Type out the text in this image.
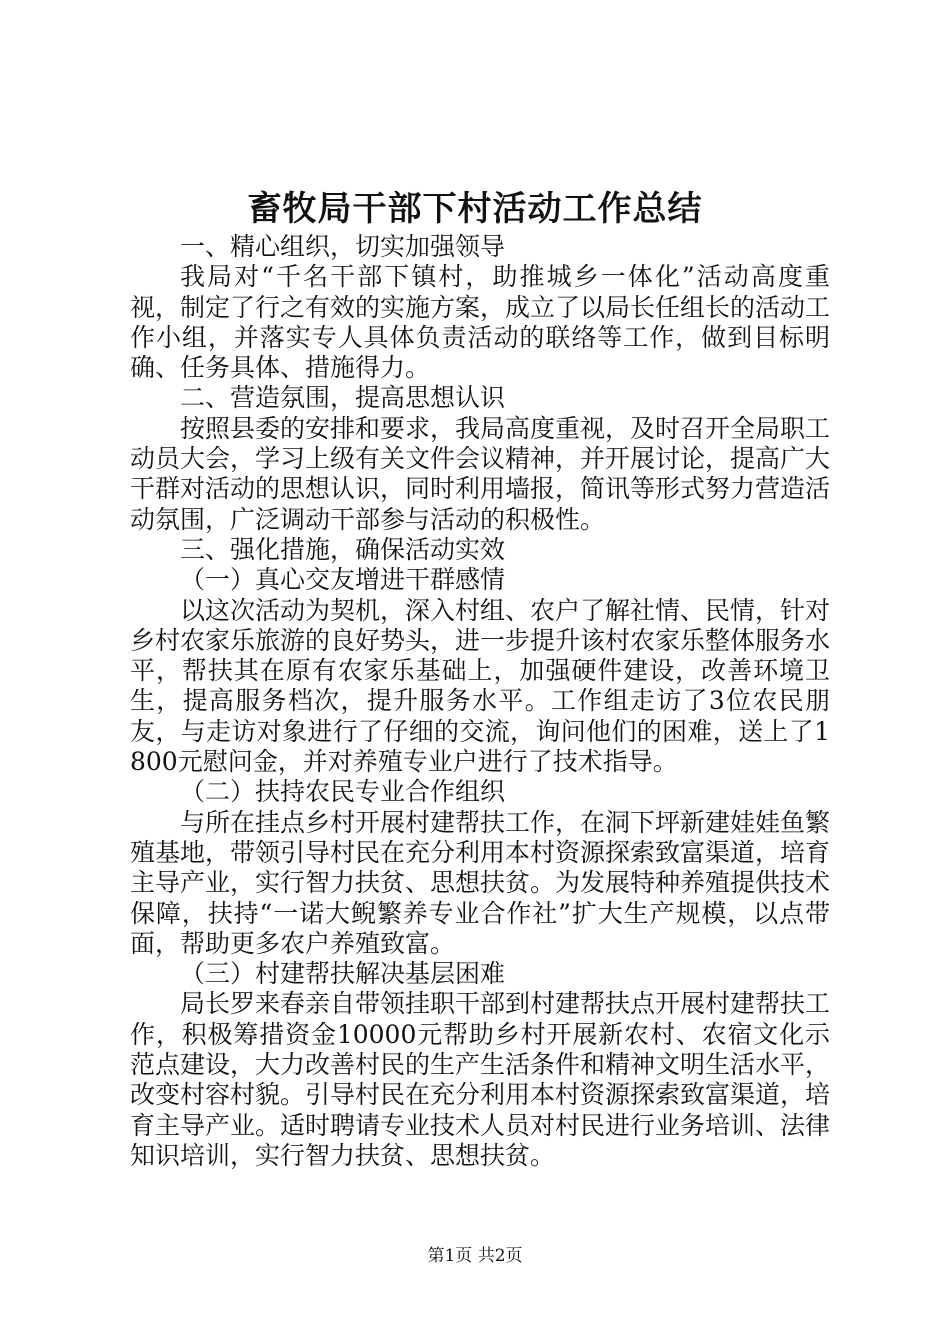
畜牧局干部下村活动工作总结

一、精心组织，切实加强领导

我局对“千名干部下镇村，助推城乡一体化”活动高度重视，制定了行之有效的实施方案，成立了以局长任组长的活动工作小组，并落实专人具体负责活动的联络等工作，做到目标明确、任务具体、措施得力。

二、营造氛围，提高思想认识

按照县委的安排和要求，我局高度重视，及时召开全局职工动员大会，学习上级有关文件会议精神，并开展讨论，提高广大干群对活动的思想认识，同时利用墙报，简讯等形式努力营造活动氛围，广泛调动干部参与活动的积极性。

三、强化措施，确保活动实效

（一）真心交友增进干群感情

以这次活动为契机，深入村组、农户了解社情、民情，针对乡村农家乐旅游的良好势头，进一步提升该村农家乐整体服务水平，帮扶其在原有农家乐基础上，加强硬件建设，改善环境卫生，提高服务档次，提升服务水平。工作组走访了3位农民朋友，与走访对象进行了仔细的交流，询问他们的困难，送上了1800元慰问金，并对养殖专业户进行了技术指导。

（二）扶持农民专业合作组织

与所在挂点乡村开展村建帮扶工作，在洞下坪新建娃娃鱼繁殖基地，带领引导村民在充分利用本村资源探索致富渠道，培育主导产业，实行智力扶贫、思想扶贫。为发展特种养殖提供技术保障，扶持“一诺大鲵繁养专业合作社”扩大生产规模，以点带面，帮助更多农户养殖致富。

（三）村建帮扶解决基层困难

局长罗来春亲自带领挂职干部到村建帮扶点开展村建帮扶工作，积极筹措资金10000元帮助乡村开展新农村、农宿文化示范点建设，大力改善村民的生产生活条件和精神文明生活水平，改变村容村貌。引导村民在充分利用本村资源探索致富渠道，培育主导产业。适时聘请专业技术人员对村民进行业务培训、法律知识培训，实行智力扶贫、思想扶贫。

第1页 共2页
